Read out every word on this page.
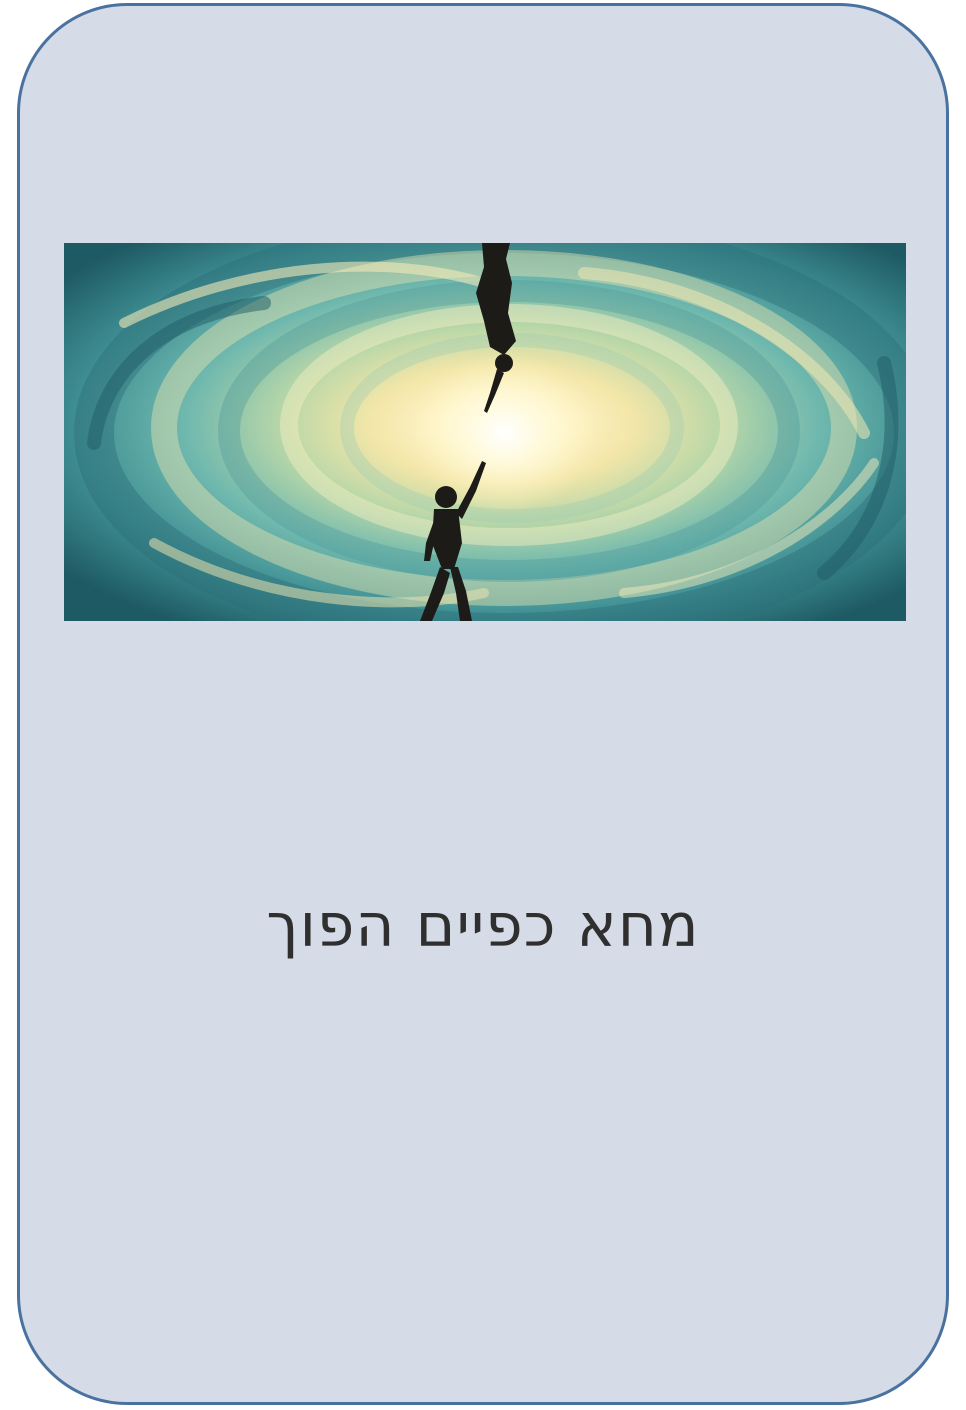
מחא כפיים הפוך
